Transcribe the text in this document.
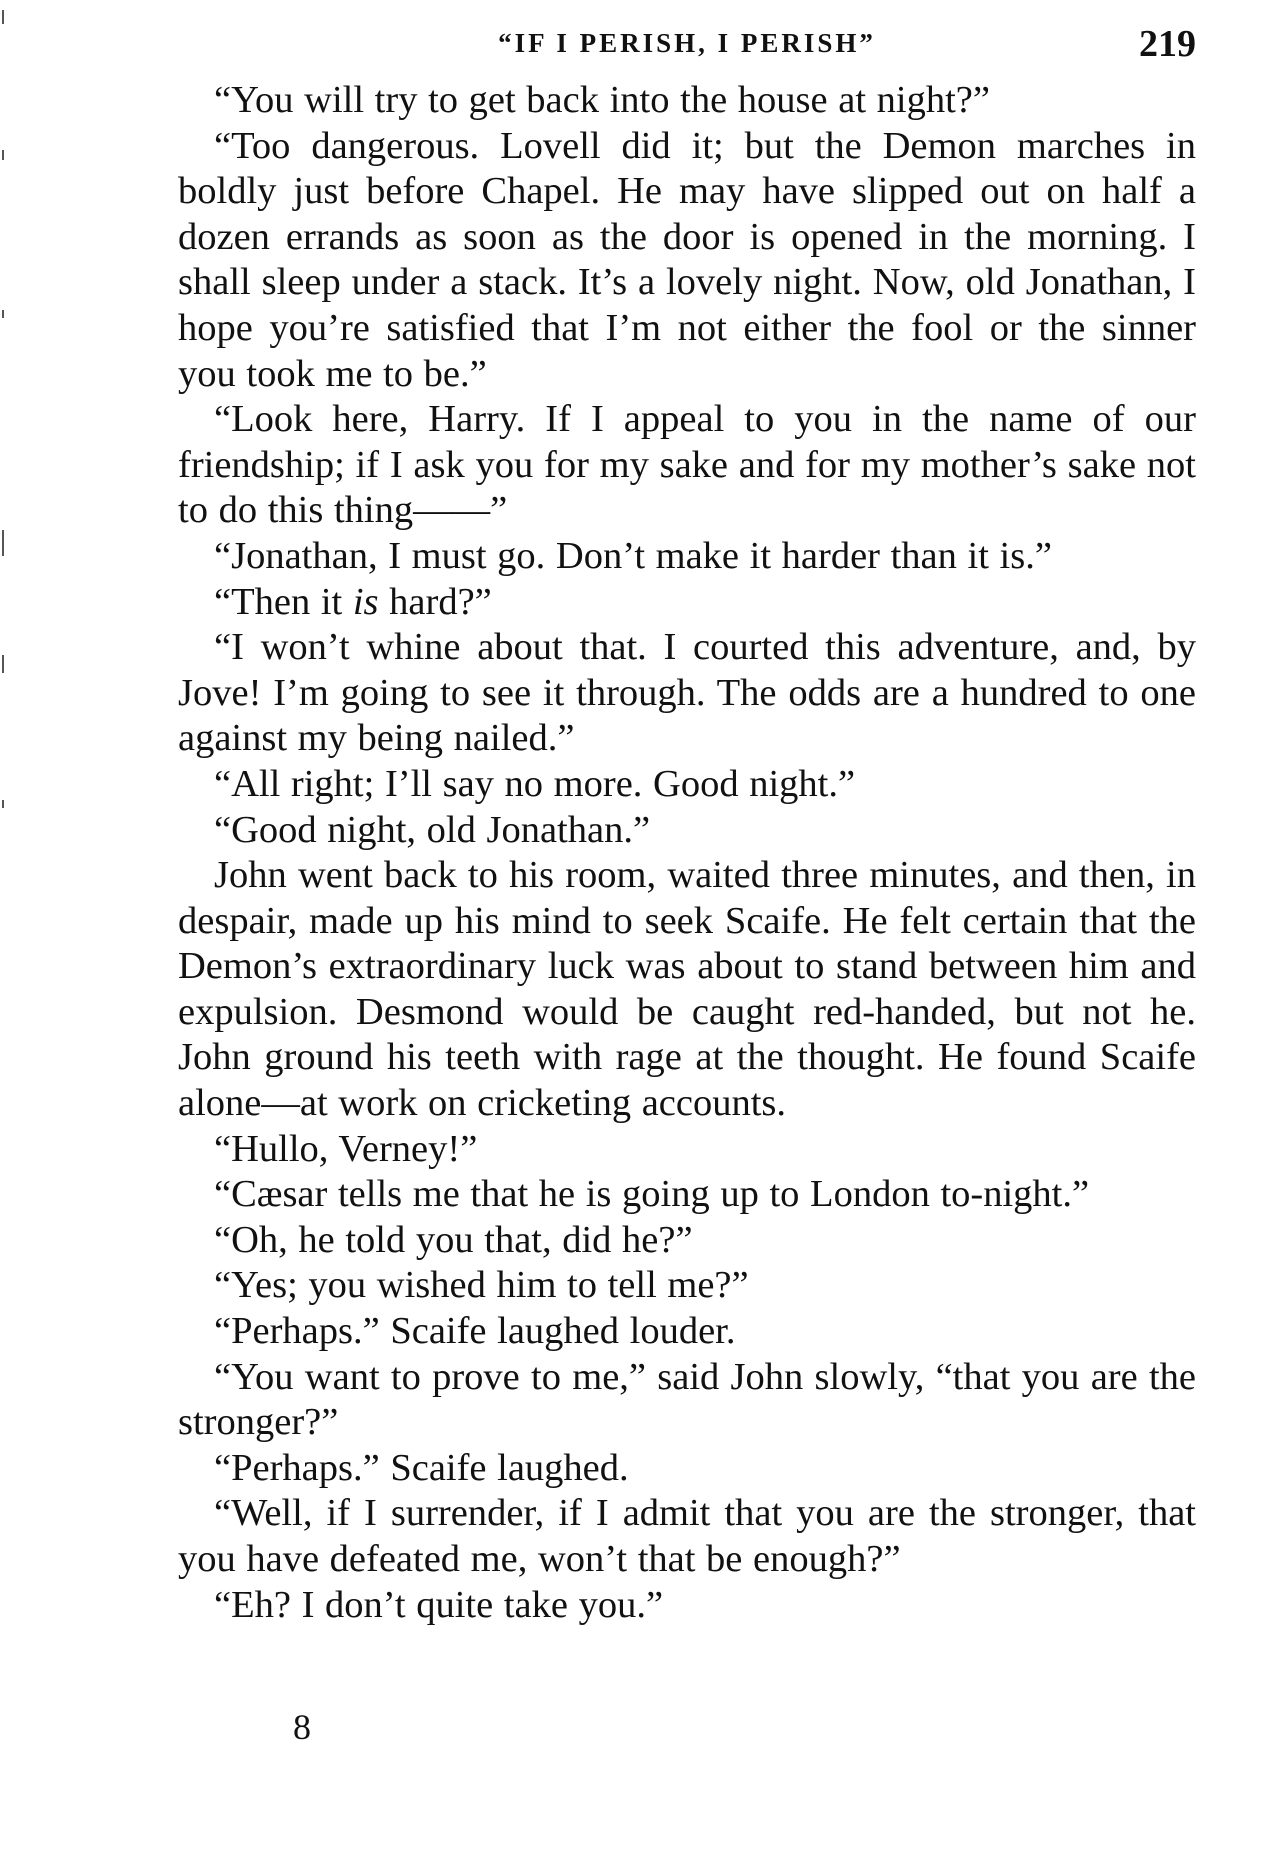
“IF I PERISH, I PERISH”	219

“You will try to get back into the house at night?”

“Too dangerous. Lovell did it; but the Demon marches in boldly just before Chapel. He may have slipped out on half a dozen errands as soon as the door is opened in the morning. I shall sleep under a stack. It’s a lovely night. Now, old Jonathan, I hope you’re satisfied that I’m not either the fool or the sinner you took me to be.”

“Look here, Harry. If I appeal to you in the name of our friendship; if I ask you for my sake and for my mother’s sake not to do this thing——”

“Jonathan, I must go. Don’t make it harder than it is.”

“Then it is hard?”

“I won’t whine about that. I courted this adventure, and, by Jove! I’m going to see it through. The odds are a hundred to one against my being nailed.”

“All right; I’ll say no more. Good night.”

“Good night, old Jonathan.”

John went back to his room, waited three minutes, and then, in despair, made up his mind to seek Scaife. He felt certain that the Demon’s extraordinary luck was about to stand between him and expulsion. Desmond would be caught red-handed, but not he. John ground his teeth with rage at the thought. He found Scaife alone—at work on cricketing accounts.

“Hullo, Verney!”

“Cæsar tells me that he is going up to London to-night.”

“Oh, he told you that, did he?”

“Yes; you wished him to tell me?”

“Perhaps.” Scaife laughed louder.

“You want to prove to me,” said John slowly, “that you are the stronger?”

“Perhaps.” Scaife laughed.

“Well, if I surrender, if I admit that you are the stronger, that you have defeated me, won’t that be enough?”

“Eh? I don’t quite take you.”

8
